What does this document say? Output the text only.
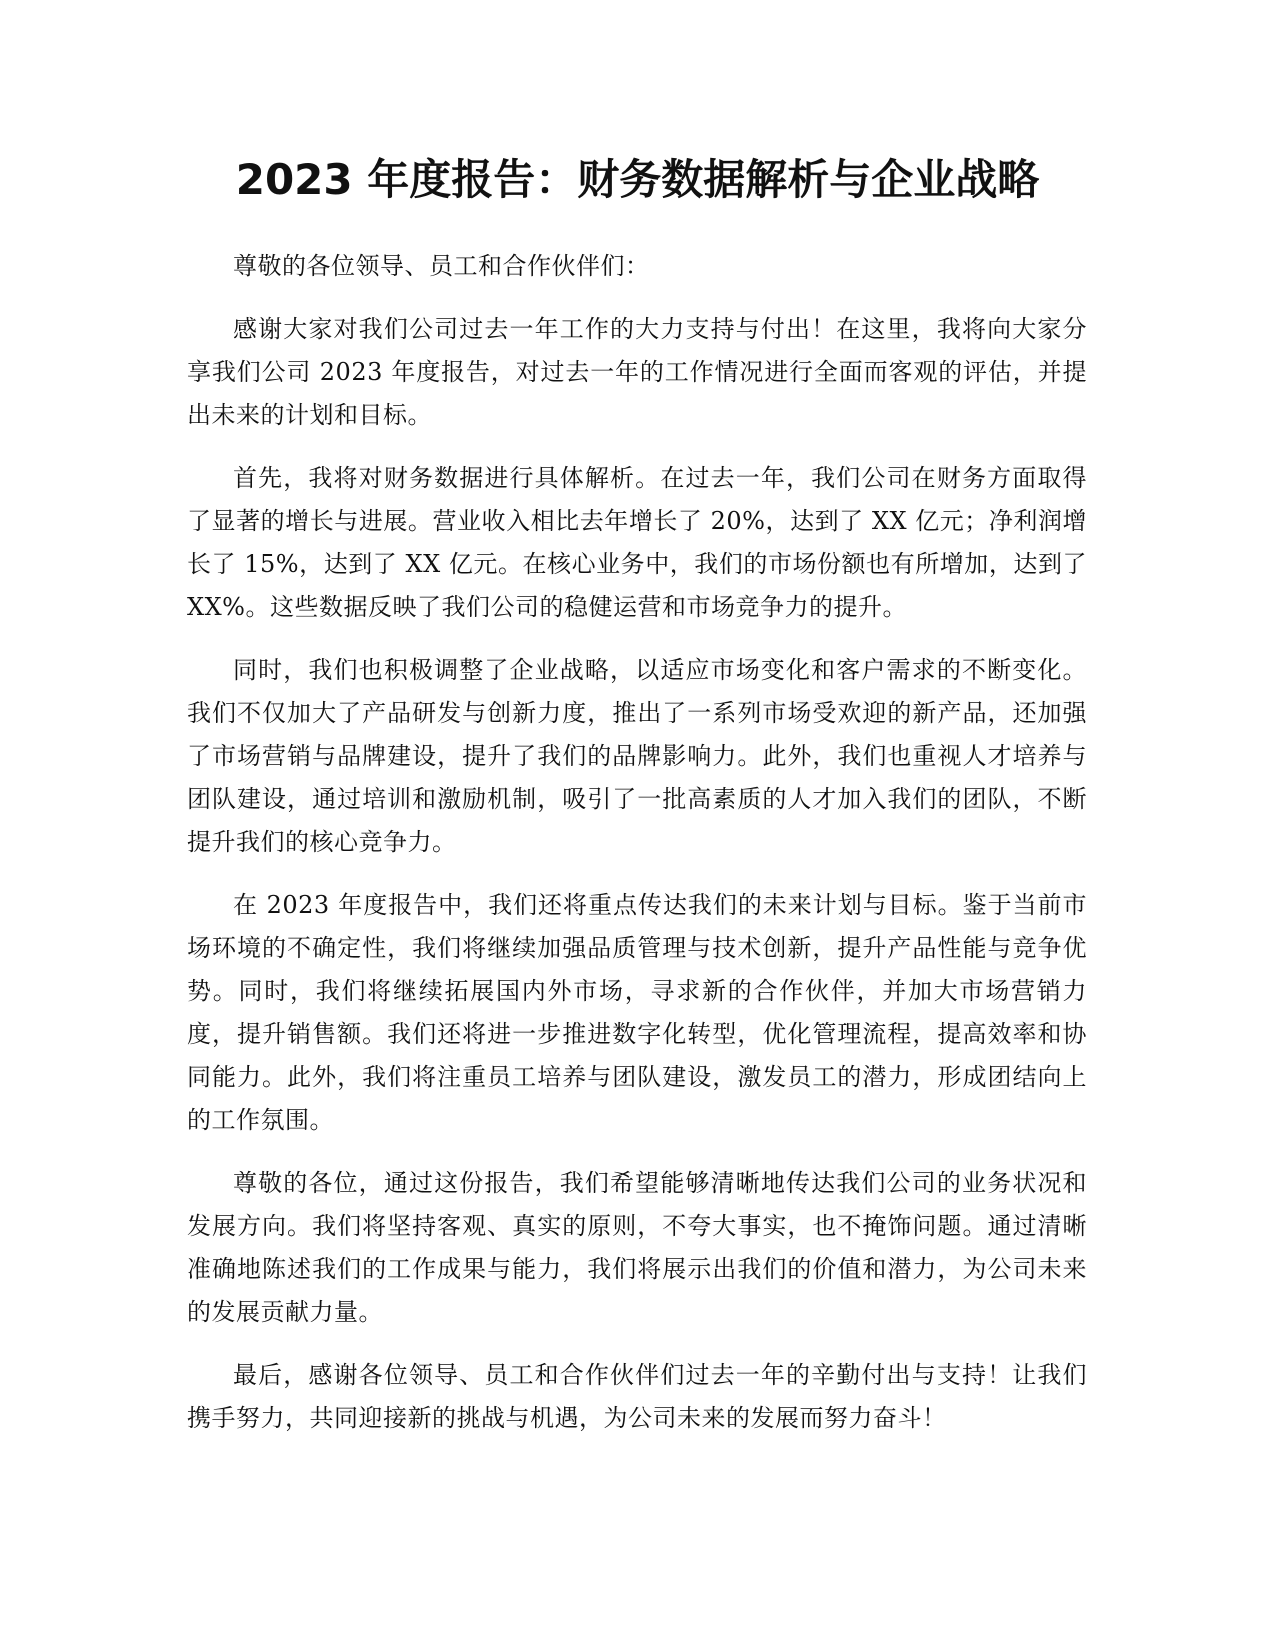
2023 年度报告：财务数据解析与企业战略

尊敬的各位领导、员工和合作伙伴们：

感谢大家对我们公司过去一年工作的大力支持与付出！在这里，我将向大家分享我们公司 2023 年度报告，对过去一年的工作情况进行全面而客观的评估，并提出未来的计划和目标。

首先，我将对财务数据进行具体解析。在过去一年，我们公司在财务方面取得了显著的增长与进展。营业收入相比去年增长了 20%，达到了 XX 亿元；净利润增长了 15%，达到了 XX 亿元。在核心业务中，我们的市场份额也有所增加，达到了 XX%。这些数据反映了我们公司的稳健运营和市场竞争力的提升。

同时，我们也积极调整了企业战略，以适应市场变化和客户需求的不断变化。我们不仅加大了产品研发与创新力度，推出了一系列市场受欢迎的新产品，还加强了市场营销与品牌建设，提升了我们的品牌影响力。此外，我们也重视人才培养与团队建设，通过培训和激励机制，吸引了一批高素质的人才加入我们的团队，不断提升我们的核心竞争力。

在 2023 年度报告中，我们还将重点传达我们的未来计划与目标。鉴于当前市场环境的不确定性，我们将继续加强品质管理与技术创新，提升产品性能与竞争优势。同时，我们将继续拓展国内外市场，寻求新的合作伙伴，并加大市场营销力度，提升销售额。我们还将进一步推进数字化转型，优化管理流程，提高效率和协同能力。此外，我们将注重员工培养与团队建设，激发员工的潜力，形成团结向上的工作氛围。

尊敬的各位，通过这份报告，我们希望能够清晰地传达我们公司的业务状况和发展方向。我们将坚持客观、真实的原则，不夸大事实，也不掩饰问题。通过清晰准确地陈述我们的工作成果与能力，我们将展示出我们的价值和潜力，为公司未来的发展贡献力量。

最后，感谢各位领导、员工和合作伙伴们过去一年的辛勤付出与支持！让我们携手努力，共同迎接新的挑战与机遇，为公司未来的发展而努力奋斗！
